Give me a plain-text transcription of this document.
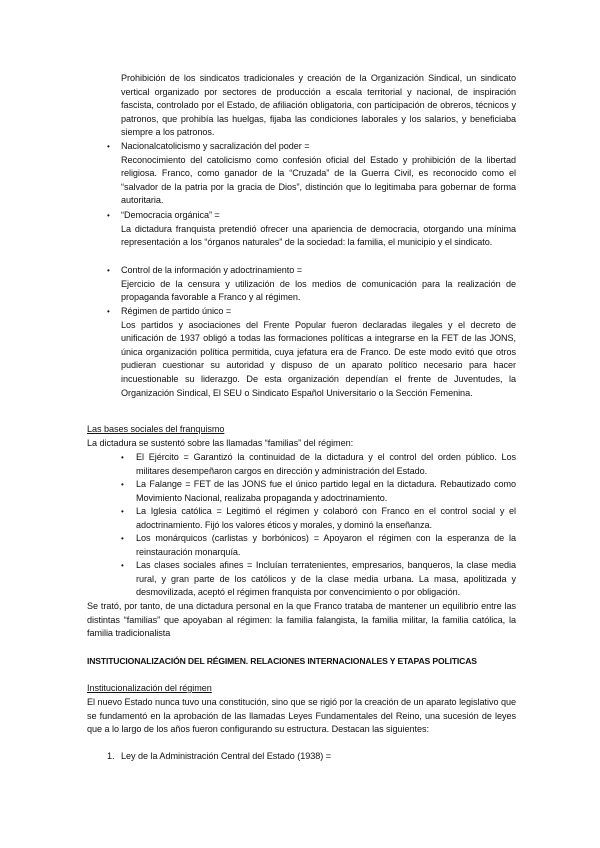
Prohibición de los sindicatos tradicionales y creación de la Organización Sindical, un sindicato vertical organizado por sectores de producción a escala territorial y nacional, de inspiración fascista, controlado por el Estado, de afiliación obligatoria, con participación de obreros, técnicos y patronos, que prohibía las huelgas, fijaba las condiciones laborales y los salarios, y beneficiaba siempre a los patronos.

•	Nacionalcatolicismo y sacralización del poder =
Reconocimiento del catolicismo como confesión oficial del Estado y prohibición de la libertad religiosa. Franco, como ganador de la “Cruzada” de la Guerra Civil, es reconocido como el “salvador de la patria por la gracia de Dios”, distinción que lo legitimaba para gobernar de forma autoritaria.
•	“Democracia orgánica” =
La dictadura franquista pretendió ofrecer una apariencia de democracia, otorgando una mínima representación a los “órganos naturales” de la sociedad: la familia, el municipio y el sindicato.
•	Control de la información y adoctrinamiento =
Ejercicio de la censura y utilización de los medios de comunicación para la realización de propaganda favorable a Franco y al régimen.
•	Régimen de partido único =
Los partidos y asociaciones del Frente Popular fueron declaradas ilegales y el decreto de unificación de 1937 obligó a todas las formaciones políticas a integrarse en la FET de las JONS, única organización política permitida, cuya jefatura era de Franco. De este modo evitó que otros pudieran cuestionar su autoridad y dispuso de un aparato político necesario para hacer incuestionable su liderazgo. De esta organización dependían el frente de Juventudes, la Organización Sindical, El SEU o Sindicato Español Universitario o la Sección Femenina.

Las bases sociales del franquismo

La dictadura se sustentó sobre las llamadas “familias” del régimen:

•	El Ejército = Garantizó la continuidad de la dictadura y el control del orden público. Los militares desempeñaron cargos en dirección y administración del Estado.
•	La Falange = FET de las JONS fue el único partido legal en la dictadura. Rebautizado como Movimiento Nacional, realizaba propaganda y adoctrinamiento.
•	La Iglesia católica = Legitimó el régimen y colaboró con Franco en el control social y el adoctrinamiento. Fijó los valores éticos y morales, y dominó la enseñanza.
•	Los monárquicos (carlistas y borbónicos) = Apoyaron el régimen con la esperanza de la reinstauración monarquía.
•	Las clases sociales afines = Incluían terratenientes, empresarios, banqueros, la clase media rural, y gran parte de los católicos y de la clase media urbana. La masa, apolitizada y desmovilizada, aceptó el régimen franquista por convencimiento o por obligación.

Se trató, por tanto, de una dictadura personal en la que Franco trataba de mantener un equilibrio entre las distintas “familias” que apoyaban al régimen: la familia falangista, la familia militar, la familia católica, la familia tradicionalista

INSTITUCIONALIZACIÓN DEL RÉGIMEN. RELACIONES INTERNACIONALES Y ETAPAS POLITICAS

Institucionalización del régimen

El nuevo Estado nunca tuvo una constitución, sino que se rigió por la creación de un aparato legislativo que se fundamentó en la aprobación de las llamadas Leyes Fundamentales del Reino, una sucesión de leyes que a lo largo de los años fueron configurando su estructura. Destacan las siguientes:

1. Ley de la Administración Central del Estado (1938) =
